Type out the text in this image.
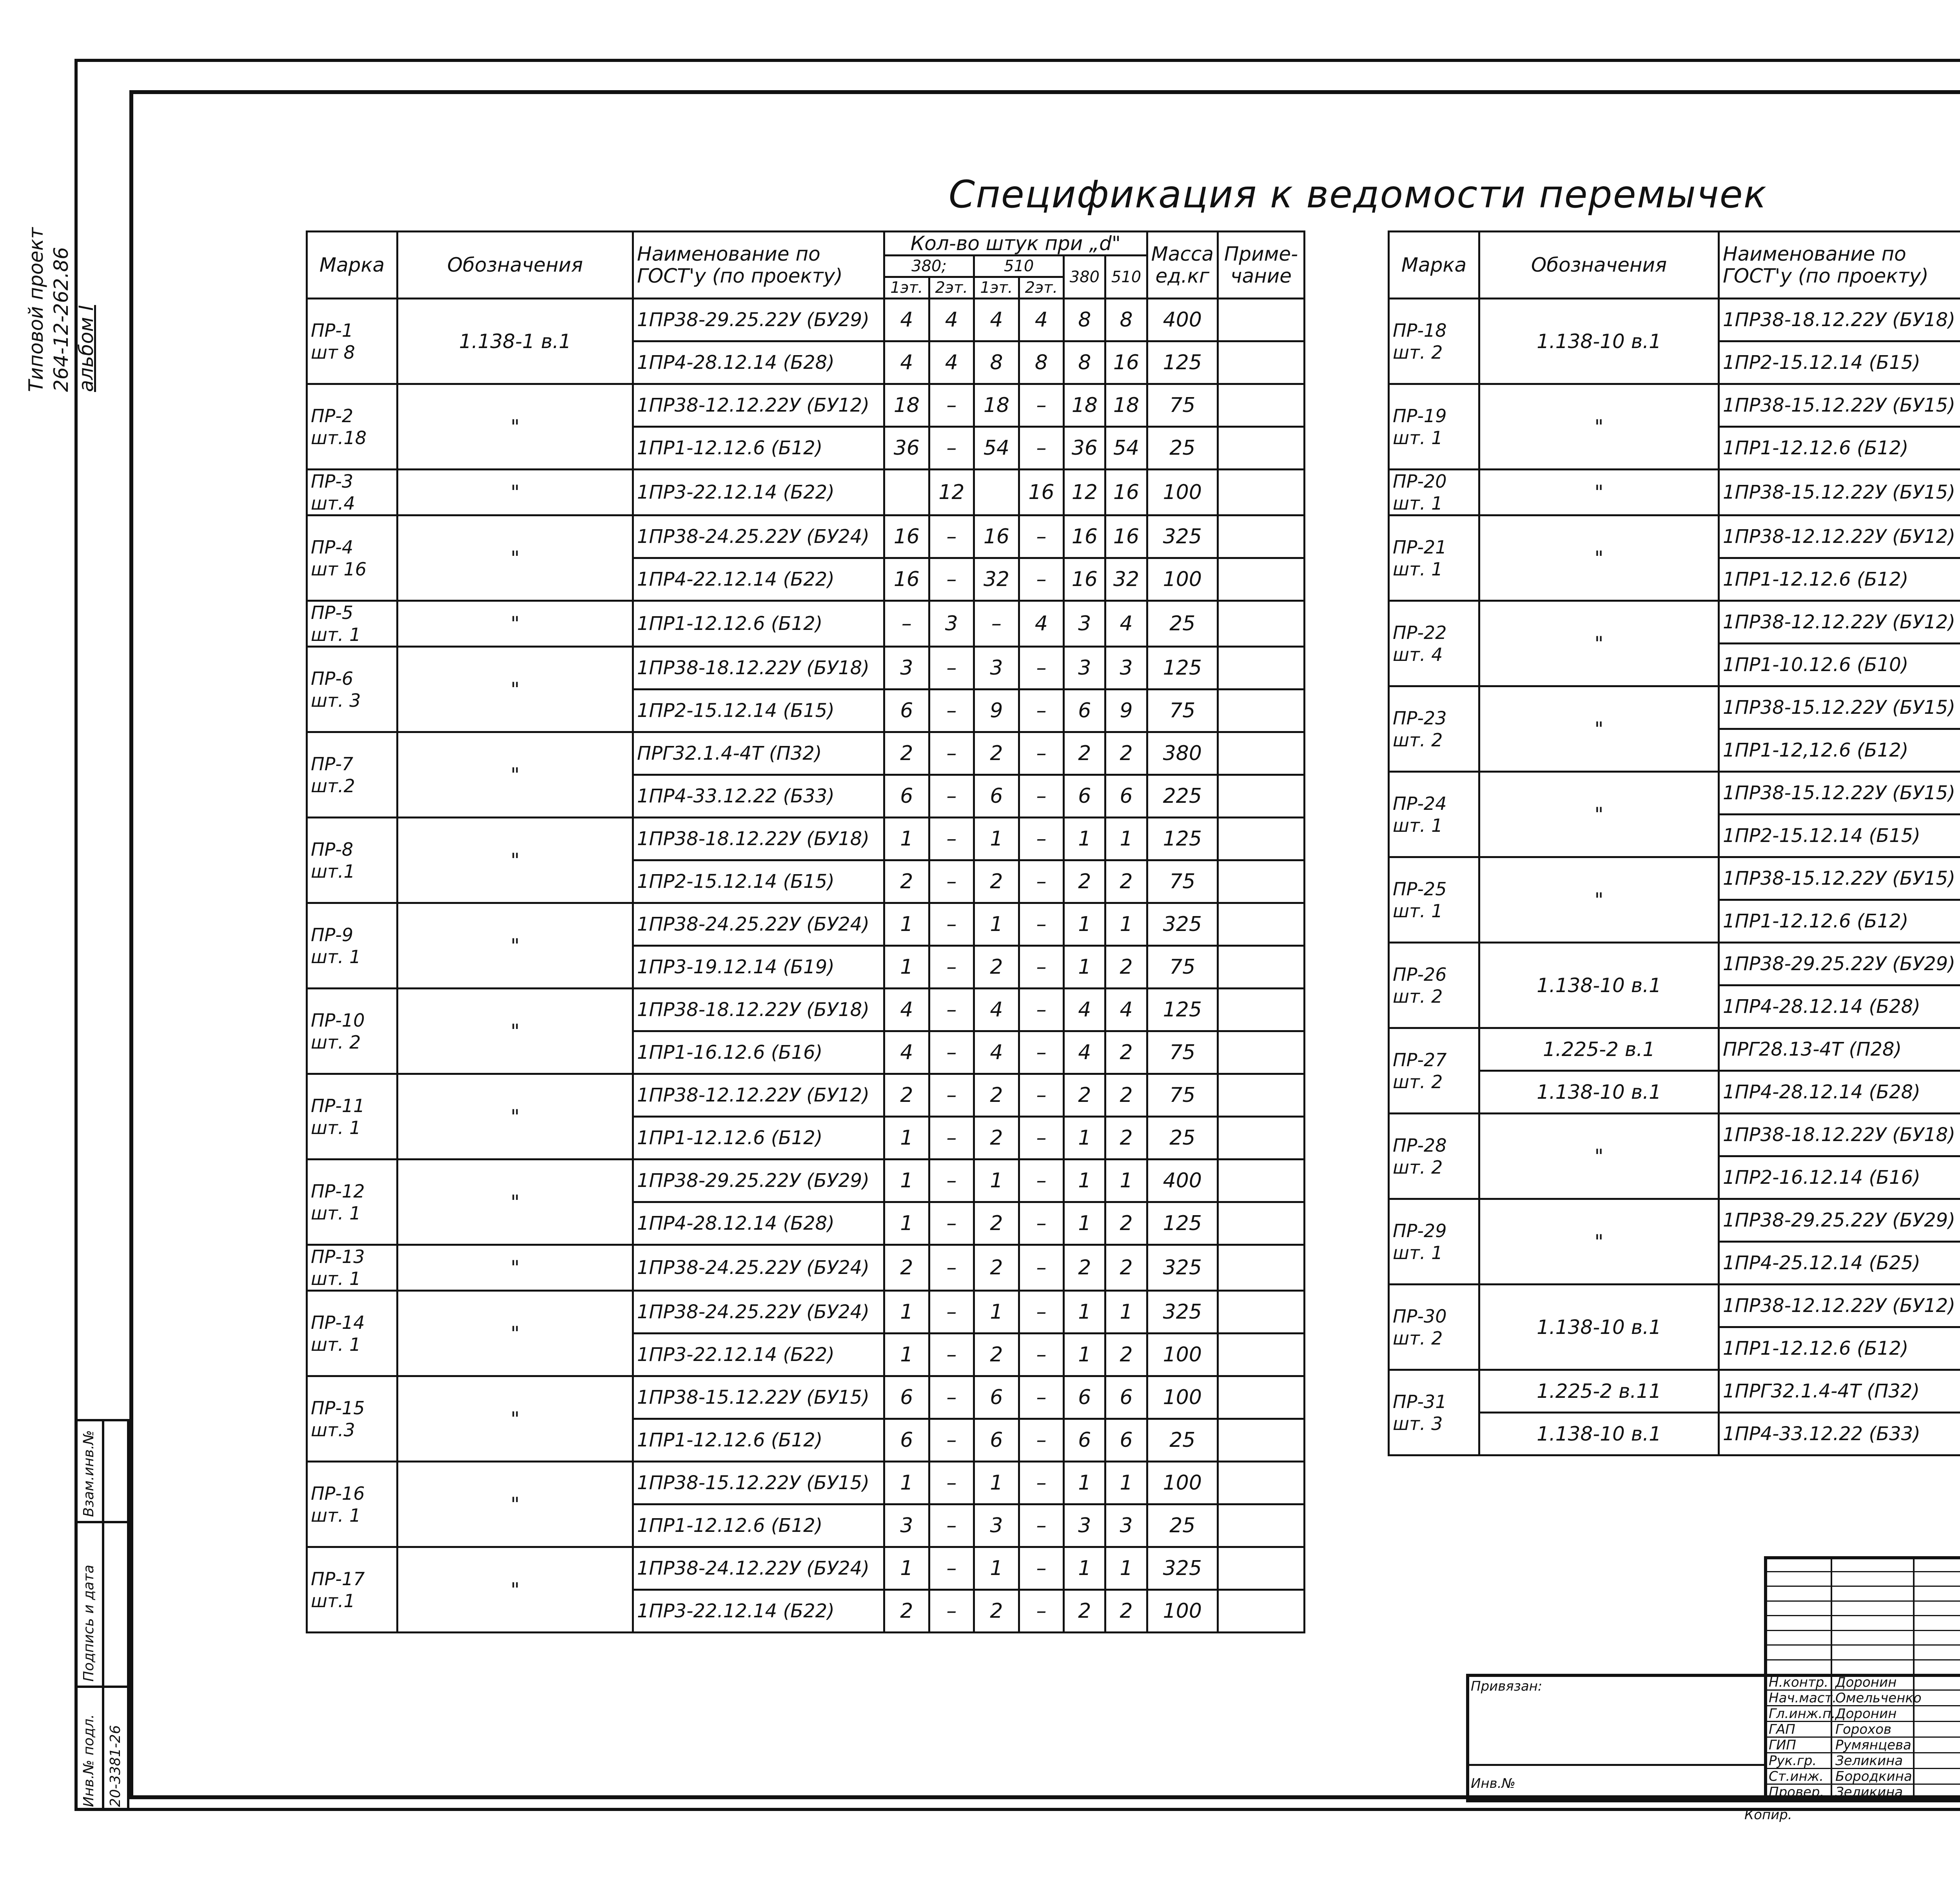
Типовой проект 264-12-262.86 альбом I
Спецификация к ведомости перемычек
Марка	Обозначения	Наименование по ГОСТ'у (по проекту)	Кол-во штук при „d"						Масса ед.кг	Приме-чание
			380;		510		380	510		
			1эт.	2эт.	1эт.	2эт.				

ПР-1
шт 8	1.138-1 в.1	1ПР38-29.25.22У (БУ29)	4	4	4	4	8	8	400	
		1ПР4-28.12.14 (Б28)	4	4	8	8	8	16	125	

ПР-2
шт.18	"	1ПР38-12.12.22У (БУ12)	18	–	18	–	18	18	75	
		1ПР1-12.12.6 (Б12)	36	–	54	–	36	54	25	

ПР-3
шт.4	"	1ПР3-22.12.14 (Б22)		12		16	12	16	100	

ПР-4
шт 16	"	1ПР38-24.25.22У (БУ24)	16	–	16	–	16	16	325	
		1ПР4-22.12.14 (Б22)	16	–	32	–	16	32	100	

ПР-5
шт. 1	"	1ПР1-12.12.6 (Б12)	–	3	–	4	3	4	25	

ПР-6
шт. 3	"	1ПР38-18.12.22У (БУ18)	3	–	3	–	3	3	125	
		1ПР2-15.12.14 (Б15)	6	–	9	–	6	9	75	

ПР-7
шт.2	"	ПРГ32.1.4-4Т (П32)	2	–	2	–	2	2	380	
		1ПР4-33.12.22 (Б33)	6	–	6	–	6	6	225	

ПР-8
шт.1	"	1ПР38-18.12.22У (БУ18)	1	–	1	–	1	1	125	
		1ПР2-15.12.14 (Б15)	2	–	2	–	2	2	75	

ПР-9
шт. 1	"	1ПР38-24.25.22У (БУ24)	1	–	1	–	1	1	325	
		1ПР3-19.12.14 (Б19)	1	–	2	–	1	2	75	

ПР-10
шт. 2	"	1ПР38-18.12.22У (БУ18)	4	–	4	–	4	4	125	
		1ПР1-16.12.6 (Б16)	4	–	4	–	4	2	75	

ПР-11
шт. 1	"	1ПР38-12.12.22У (БУ12)	2	–	2	–	2	2	75	
		1ПР1-12.12.6 (Б12)	1	–	2	–	1	2	25	

ПР-12
шт. 1	"	1ПР38-29.25.22У (БУ29)	1	–	1	–	1	1	400	
		1ПР4-28.12.14 (Б28)	1	–	2	–	1	2	125	

ПР-13
шт. 1	"	1ПР38-24.25.22У (БУ24)	2	–	2	–	2	2	325	

ПР-14
шт. 1	"	1ПР38-24.25.22У (БУ24)	1	–	1	–	1	1	325	
		1ПР3-22.12.14 (Б22)	1	–	2	–	1	2	100	

ПР-15
шт.3	"	1ПР38-15.12.22У (БУ15)	6	–	6	–	6	6	100	
		1ПР1-12.12.6 (Б12)	6	–	6	–	6	6	25	

ПР-16
шт. 1	"	1ПР38-15.12.22У (БУ15)	1	–	1	–	1	1	100	
		1ПР1-12.12.6 (Б12)	3	–	3	–	3	3	25	

ПР-17
шт.1	"	1ПР38-24.12.22У (БУ24)	1	–	1	–	1	1	325	
		1ПР3-22.12.14 (Б22)	2	–	2	–	2	2	100	
Марка	Обозначения	Наименование по ГОСТ'у (по проекту)			

ПР-18
шт. 2	1.138-10 в.1	1ПР38-18.12.22У (БУ18)								
		1ПР2-15.12.14 (Б15)								

ПР-19
шт. 1	"	1ПР38-15.12.22У (БУ15)								
		1ПР1-12.12.6 (Б12)								

ПР-20
шт. 1	"	1ПР38-15.12.22У (БУ15)								

ПР-21
шт. 1	"	1ПР38-12.12.22У (БУ12)								
		1ПР1-12.12.6 (Б12)								

ПР-22
шт. 4	"	1ПР38-12.12.22У (БУ12)								
		1ПР1-10.12.6 (Б10)								

ПР-23
шт. 2	"	1ПР38-15.12.22У (БУ15)								
		1ПР1-12,12.6 (Б12)								

ПР-24
шт. 1	"	1ПР38-15.12.22У (БУ15)								
		1ПР2-15.12.14 (Б15)								

ПР-25
шт. 1	"	1ПР38-15.12.22У (БУ15)								
		1ПР1-12.12.6 (Б12)								

ПР-26
шт. 2	1.138-10 в.1	1ПР38-29.25.22У (БУ29)								
		1ПР4-28.12.14 (Б28)								

ПР-27
шт. 2	1.225-2 в.1	ПРГ28.13-4Т (П28)								
	1.138-10 в.1	1ПР4-28.12.14 (Б28)								

ПР-28
шт. 2	"	1ПР38-18.12.22У (БУ18)								
		1ПР2-16.12.14 (Б16)								

ПР-29
шт. 1	"	1ПР38-29.25.22У (БУ29)								
		1ПР4-25.12.14 (Б25)								

ПР-30
шт. 2	1.138-10 в.1	1ПР38-12.12.22У (БУ12)								
		1ПР1-12.12.6 (Б12)								

ПР-31
шт. 3	1.225-2 в.11	1ПРГ32.1.4-4Т (П32)								
	1.138-10 в.1	1ПР4-33.12.22 (Б33)								
Взам.инв.№
Подпись и дата
Инв.№ подл. 20-3381-26
Привязан:
Инв.№
Н.контр. Доронин
Нач.маст.
Омельченко
Гл.инж.п. Доронин
ГАП	Горохов
ГИП	Румянцева
Рук.гр. Зеликина
Ст.инж. Бородкина
Провер. Зеликина
Копир.
